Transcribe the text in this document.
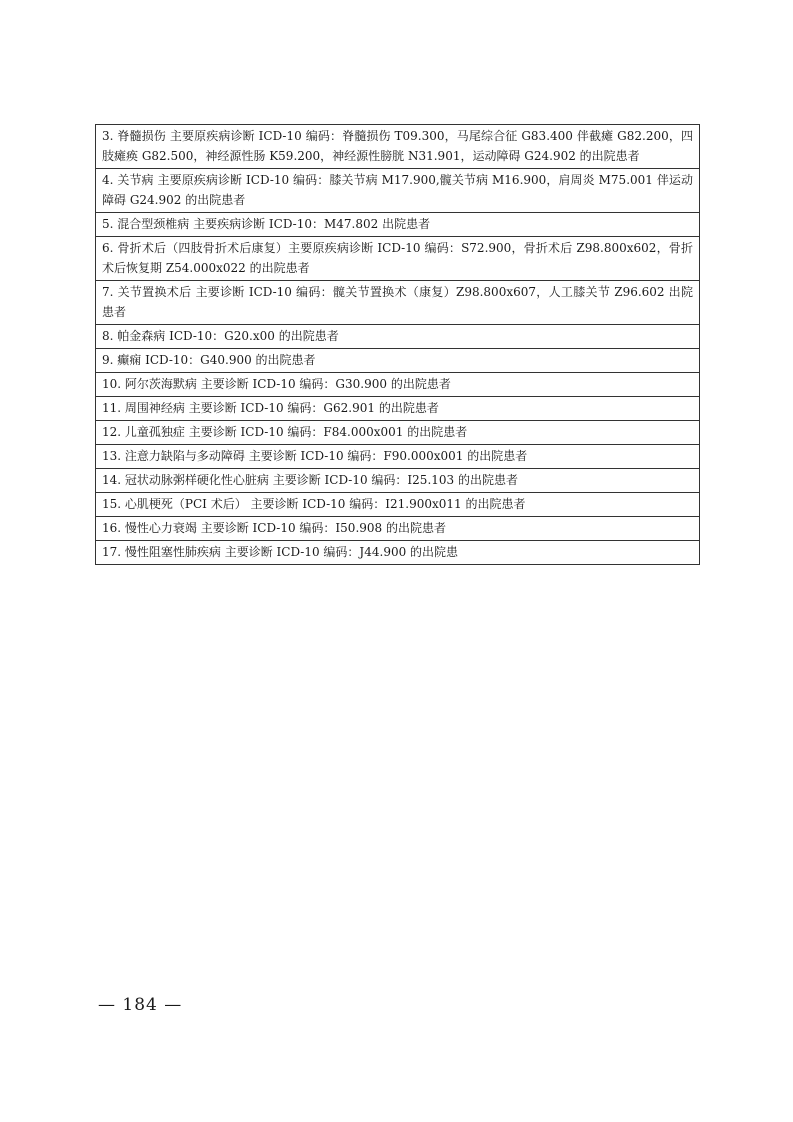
3. 脊髓损伤 主要原疾病诊断 ICD-10 编码：脊髓损伤 T09.300，马尾综合征 G83.400 伴截瘫 G82.200，四肢瘫痪 G82.500，神经源性肠 K59.200，神经源性膀胱 N31.901，运动障碍 G24.902 的出院患者
4. 关节病 主要原疾病诊断 ICD-10 编码：膝关节病 M17.900,髋关节病 M16.900，肩周炎 M75.001 伴运动障碍 G24.902 的出院患者
5. 混合型颈椎病 主要疾病诊断 ICD-10：M47.802 出院患者
6. 骨折术后（四肢骨折术后康复）主要原疾病诊断 ICD-10 编码：S72.900，骨折术后 Z98.800x602，骨折术后恢复期 Z54.000x022 的出院患者
7. 关节置换术后 主要诊断 ICD-10 编码：髋关节置换术（康复）Z98.800x607，人工膝关节 Z96.602 出院患者
8. 帕金森病 ICD-10：G20.x00 的出院患者
9. 癫痫 ICD-10：G40.900 的出院患者
10. 阿尔茨海默病 主要诊断 ICD-10 编码：G30.900 的出院患者
11. 周围神经病 主要诊断 ICD-10 编码：G62.901 的出院患者
12. 儿童孤独症 主要诊断 ICD-10 编码：F84.000x001 的出院患者
13. 注意力缺陷与多动障碍 主要诊断 ICD-10 编码：F90.000x001 的出院患者
14. 冠状动脉粥样硬化性心脏病 主要诊断 ICD-10 编码：I25.103 的出院患者
15. 心肌梗死（PCI 术后） 主要诊断 ICD-10 编码：I21.900x011 的出院患者
16. 慢性心力衰竭 主要诊断 ICD-10 编码：I50.908 的出院患者
17. 慢性阻塞性肺疾病 主要诊断 ICD-10 编码：J44.900 的出院患
— 184 —
